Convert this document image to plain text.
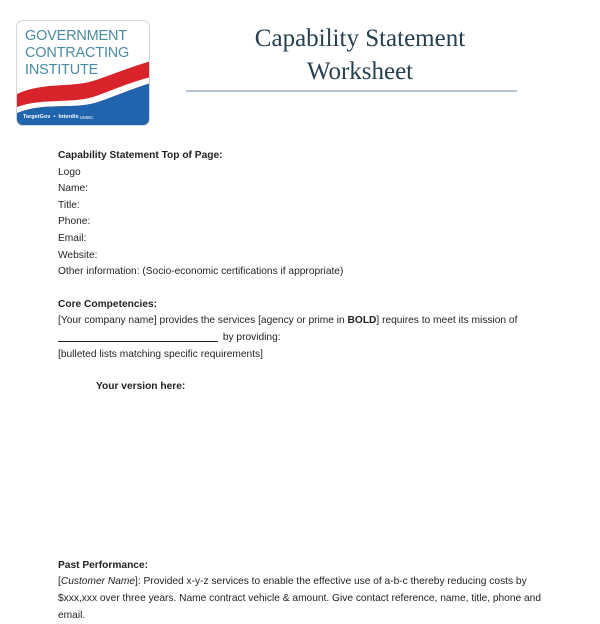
GOVERNMENT
CONTRACTING
INSTITUTE
TargetGov • Interdis UMBC
Capability Statement
Worksheet

Capability Statement Top of Page:

Logo

Name:

Title:

Phone:

Email:

Website:

Other information: (Socio-economic certifications if appropriate)

Core Competencies:

[Your company name] provides the services [agency or prime in BOLD] requires to meet its mission of

by providing:

[bulleted lists matching specific requirements]

Your version here:

Past Performance:

[Customer Name]: Provided x-y-z services to enable the effective use of a-b-c thereby reducing costs by $xxx,xxx over three years. Name contract vehicle & amount. Give contact reference, name, title, phone and email.
